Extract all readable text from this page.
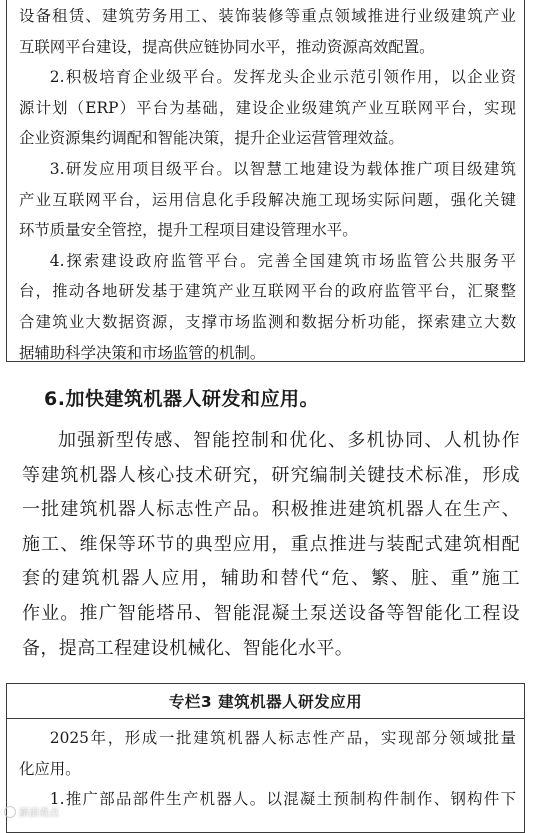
设备租赁、建筑劳务用工、装饰装修等重点领域推进行业级建筑产业

互联网平台建设，提高供应链协同水平，推动资源高效配置。

2.积极培育企业级平台。发挥龙头企业示范引领作用，以企业资

源计划（ERP）平台为基础，建设企业级建筑产业互联网平台，实现

企业资源集约调配和智能决策，提升企业运营管理效益。

3.研发应用项目级平台。以智慧工地建设为载体推广项目级建筑

产业互联网平台，运用信息化手段解决施工现场实际问题，强化关键

环节质量安全管控，提升工程项目建设管理水平。

4.探索建设政府监管平台。完善全国建筑市场监管公共服务平

台，推动各地研发基于建筑产业互联网平台的政府监管平台，汇聚整

合建筑业大数据资源，支撑市场监测和数据分析功能，探索建立大数

据辅助科学决策和市场监管的机制。

6.加快建筑机器人研发和应用。

加强新型传感、智能控制和优化、多机协同、人机协作

等建筑机器人核心技术研究，研究编制关键技术标准，形成

一批建筑机器人标志性产品。积极推进建筑机器人在生产、

施工、维保等环节的典型应用，重点推进与装配式建筑相配

套的建筑机器人应用，辅助和替代“危、繁、脏、重”施工

作业。推广智能塔吊、智能混凝土泵送设备等智能化工程设

备，提高工程建设机械化、智能化水平。

专栏3 建筑机器人研发应用

2025年，形成一批建筑机器人标志性产品，实现部分领域批量

化应用。

1.推广部品部件生产机器人。以混凝土预制构件制作、钢构件下

新浪看点
